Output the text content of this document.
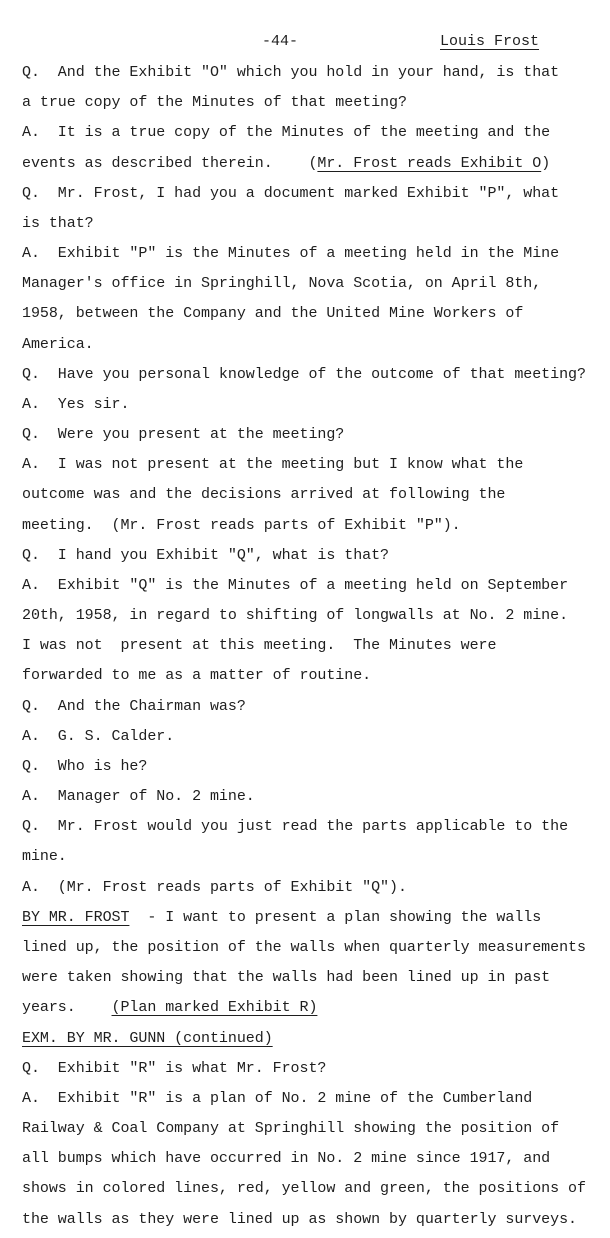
-44-	Louis Frost
Q.  And the Exhibit "O" which you hold in your hand, is that
a true copy of the Minutes of that meeting?
A.  It is a true copy of the Minutes of the meeting and the
events as described therein.    (Mr. Frost reads Exhibit O)
Q.  Mr. Frost, I had you a document marked Exhibit "P", what
is that?
A.  Exhibit "P" is the Minutes of a meeting held in the Mine
Manager's office in Springhill, Nova Scotia, on April 8th,
1958, between the Company and the United Mine Workers of
America.
Q.  Have you personal knowledge of the outcome of that meeting?
A.  Yes sir.
Q.  Were you present at the meeting?
A.  I was not present at the meeting but I know what the
outcome was and the decisions arrived at following the
meeting.  (Mr. Frost reads parts of Exhibit "P").
Q.  I hand you Exhibit "Q", what is that?
A.  Exhibit "Q" is the Minutes of a meeting held on September
20th, 1958, in regard to shifting of longwalls at No. 2 mine.
I was not  present at this meeting.  The Minutes were
forwarded to me as a matter of routine.
Q.  And the Chairman was?
A.  G. S. Calder.
Q.  Who is he?
A.  Manager of No. 2 mine.
Q.  Mr. Frost would you just read the parts applicable to the
mine.
A.  (Mr. Frost reads parts of Exhibit "Q").
BY MR. FROST  - I want to present a plan showing the walls
lined up, the position of the walls when quarterly measurements
were taken showing that the walls had been lined up in past
years.    (Plan marked Exhibit R)
EXM. BY MR. GUNN (continued)
Q.  Exhibit "R" is what Mr. Frost?
A.  Exhibit "R" is a plan of No. 2 mine of the Cumberland
Railway & Coal Company at Springhill showing the position of
all bumps which have occurred in No. 2 mine since 1917, and
shows in colored lines, red, yellow and green, the positions of
the walls as they were lined up as shown by quarterly surveys.
